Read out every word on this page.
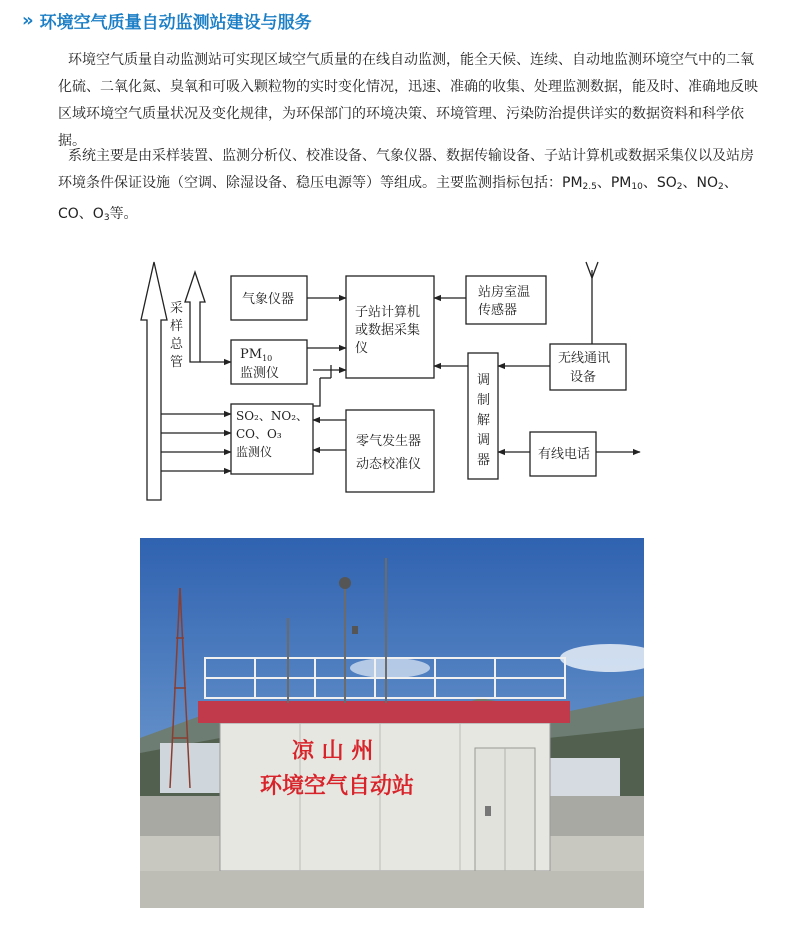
» 环境空气质量自动监测站建设与服务
环境空气质量自动监测站可实现区域空气质量的在线自动监测，能全天候、连续、自动地监测环境空气中的二氧化硫、二氧化氮、臭氧和可吸入颗粒物的实时变化情况，迅速、准确的收集、处理监测数据，能及时、准确地反映区域环境空气质量状况及变化规律，为环保部门的环境决策、环境管理、污染防治提供详实的数据资料和科学依据。
系统主要是由采样装置、监测分析仪、校准设备、气象仪器、数据传输设备、子站计算机或数据采集仪以及站房环境条件保证设施（空调、除湿设备、稳压电源等）等组成。主要监测指标包括：$PM_{2.5}$、$PM_{10}$、$SO_2$、$NO_2$、CO、$O_3$等。
采
样
总
管
气象仪器
$PM_{10}$
监测仪
SO₂、NO₂、
CO、O₃
监测仪
子站计算机
或数据采集
仪
零气发生器
动态校准仪
站房室温
传感器
调
制
解
调
器
无线通讯
设备
有线电话
凉 山 州
环境空气自动站
